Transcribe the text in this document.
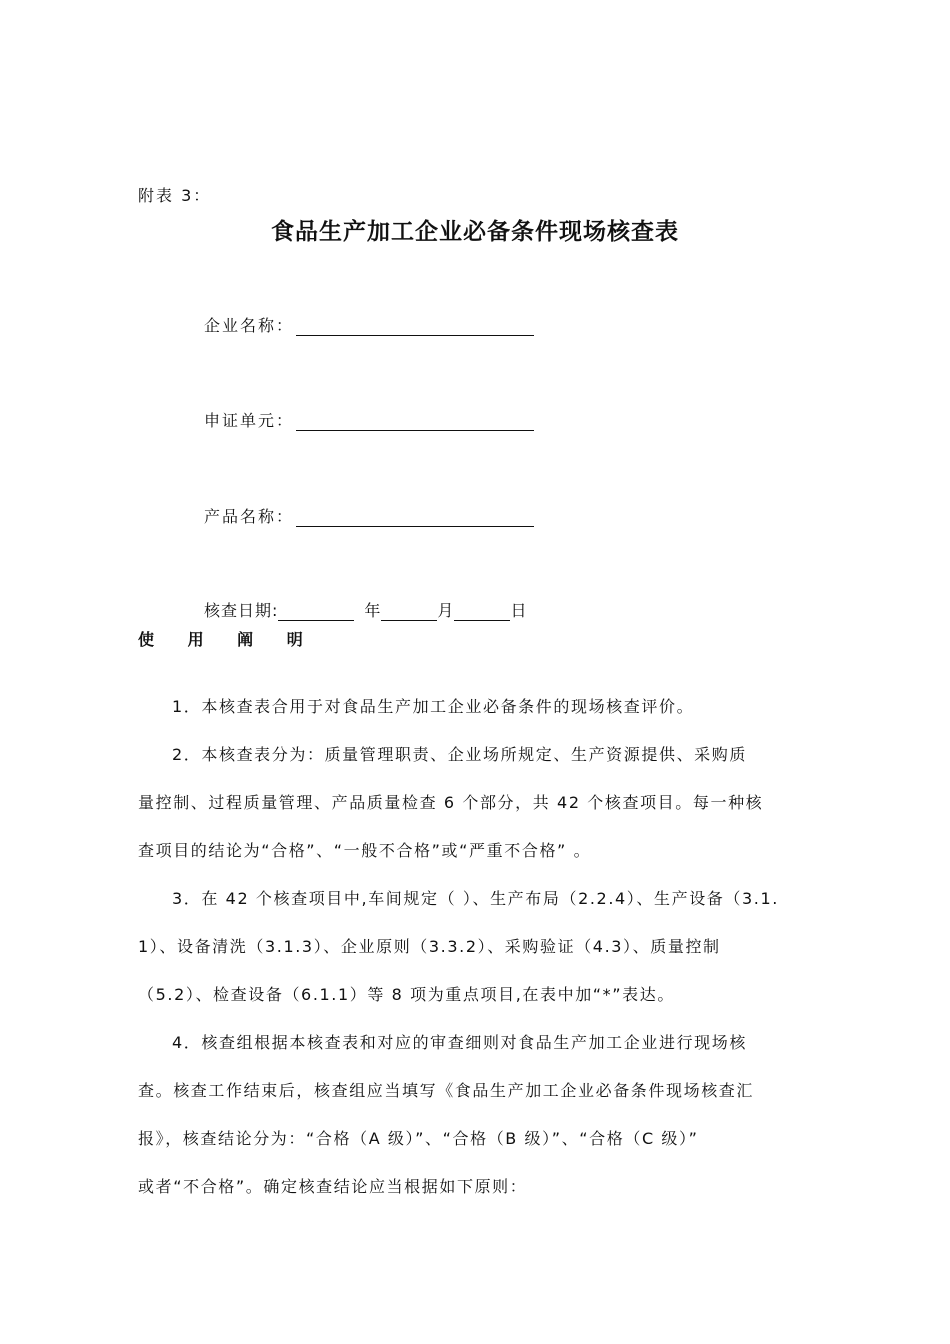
附表 3：
食品生产加工企业必备条件现场核查表
企业名称：
申证单元：
产品名称：
核查日期:	年	月	日
使 用 阐 明
1．本核查表合用于对食品生产加工企业必备条件的现场核查评价。
2．本核查表分为：质量管理职责、企业场所规定、生产资源提供、采购质
量控制、过程质量管理、产品质量检查 6 个部分，共 42 个核查项目。每一种核
查项目的结论为“合格”、“一般不合格”或“严重不合格” 。
3．在 42 个核查项目中,车间规定（ ）、生产布局（2.2.4）、生产设备（3.1.
1）、设备清洗（3.1.3）、企业原则（3.3.2）、采购验证（4.3）、质量控制
（5.2）、检查设备（6.1.1）等 8 项为重点项目,在表中加“*”表达。
4．核查组根据本核查表和对应的审查细则对食品生产加工企业进行现场核
查。核查工作结束后，核查组应当填写《食品生产加工企业必备条件现场核查汇
报》，核查结论分为：“合格（A 级）”、“合格（B 级）”、“合格（C 级）”
或者“不合格”。确定核查结论应当根据如下原则：
